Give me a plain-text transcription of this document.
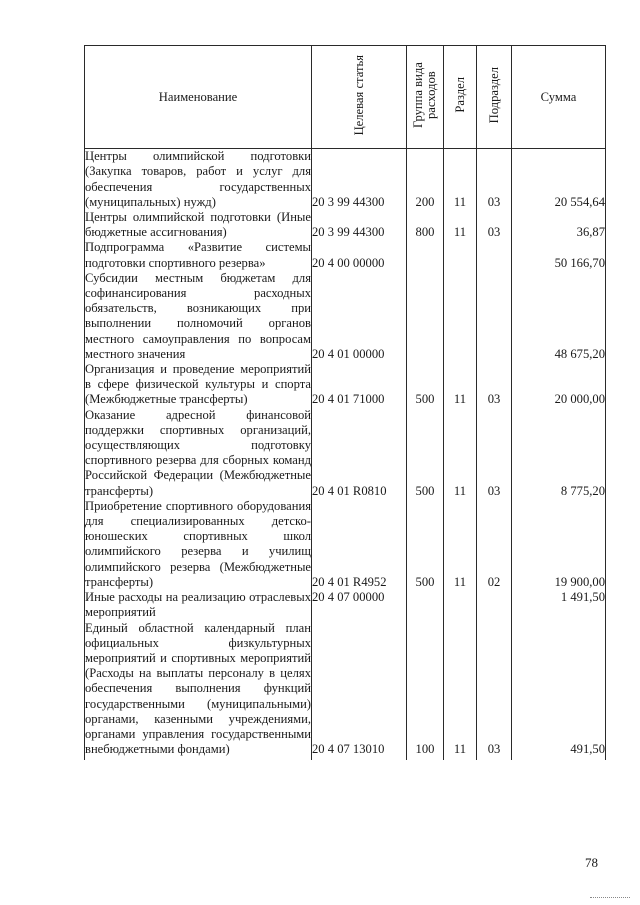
Наименование	Целевая статья	Группа вида расходов	Раздел	Подраздел	Сумма
Центры олимпийской подготовки (Закупка товаров, работ и услуг для обеспечения государственных (муниципальных) нужд)	20 3 99 44300	200	11	03	20 554,64
Центры олимпийской подготовки (Иные бюджетные ассигнования)	20 3 99 44300	800	11	03	36,87
Подпрограмма «Развитие системы подготовки спортивного резерва»	20 4 00 00000				50 166,70
Субсидии местным бюджетам для софинансирования расходных обязательств, возникающих при выполнении полномочий органов местного самоуправления по вопросам местного значения	20 4 01 00000				48 675,20
Организация и проведение мероприятий в сфере физической культуры и спорта (Межбюджетные трансферты)	20 4 01 71000	500	11	03	20 000,00
Оказание адресной финансовой поддержки спортивных организаций, осуществляющих подготовку спортивного резерва для сборных команд Российской Федерации (Межбюджетные трансферты)	20 4 01 R0810	500	11	03	8 775,20
Приобретение спортивного оборудования для специализированных детско-юношеских спортивных школ олимпийского резерва и училищ олимпийского резерва (Межбюджетные трансферты)	20 4 01 R4952	500	11	02	19 900,00
Иные расходы на реализацию отраслевых мероприятий	20 4 07 00000				1 491,50
Единый областной календарный план официальных физкультурных мероприятий и спортивных мероприятий (Расходы на выплаты персоналу в целях обеспечения выполнения функций государственными (муниципальными) органами, казенными учреждениями, органами управления государственными внебюджетными фондами)	20 4 07 13010	100	11	03	491,50
78
